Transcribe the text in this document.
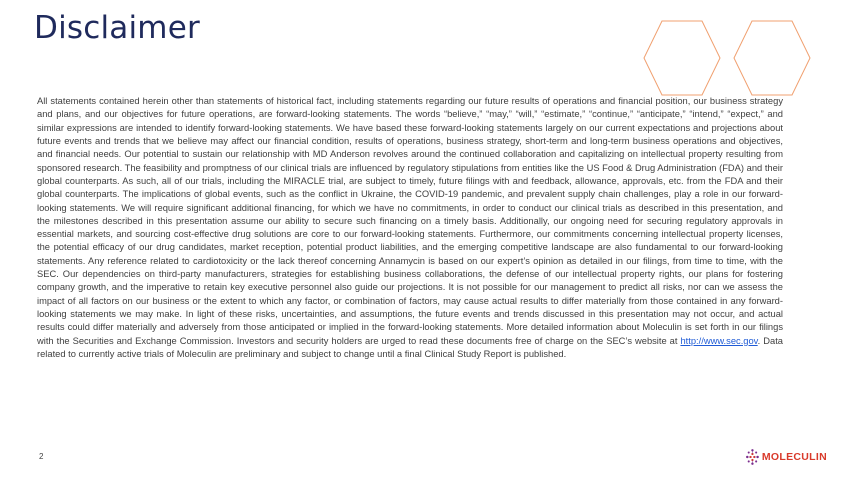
Disclaimer

All statements contained herein other than statements of historical fact, including statements regarding our future results of operations and financial position, our business strategy and plans, and our objectives for future operations, are forward-looking statements. The words “believe,” “may,” “will,” “estimate,” “continue,” “anticipate,” “intend,” “expect,” and similar expressions are intended to identify forward-looking statements. We have based these forward-looking statements largely on our current expectations and projections about future events and trends that we believe may affect our financial condition, results of operations, business strategy, short-term and long-term business operations and objectives, and financial needs. Our potential to sustain our relationship with MD Anderson revolves around the continued collaboration and capitalizing on intellectual property resulting from sponsored research. The feasibility and promptness of our clinical trials are influenced by regulatory stipulations from entities like the US Food & Drug Administration (FDA) and their global counterparts. As such, all of our trials, including the MIRACLE trial, are subject to timely, future filings with and feedback, allowance, approvals, etc. from the FDA and their global counterparts. The implications of global events, such as the conflict in Ukraine, the COVID-19 pandemic, and prevalent supply chain challenges, play a role in our forward-looking statements. We will require significant additional financing, for which we have no commitments, in order to conduct our clinical trials as described in this presentation, and the milestones described in this presentation assume our ability to secure such financing on a timely basis. Additionally, our ongoing need for securing regulatory approvals in essential markets, and sourcing cost-effective drug solutions are core to our forward-looking statements. Furthermore, our commitments concerning intellectual property licenses, the potential efficacy of our drug candidates, market reception, potential product liabilities, and the emerging competitive landscape are also fundamental to our forward-looking statements. Any reference related to cardiotoxicity or the lack thereof concerning Annamycin is based on our expert’s opinion as detailed in our filings, from time to time, with the SEC. Our dependencies on third-party manufacturers, strategies for establishing business collaborations, the defense of our intellectual property rights, our plans for fostering company growth, and the imperative to retain key executive personnel also guide our projections. It is not possible for our management to predict all risks, nor can we assess the impact of all factors on our business or the extent to which any factor, or combination of factors, may cause actual results to differ materially from those contained in any forward-looking statements we may make. In light of these risks, uncertainties, and assumptions, the future events and trends discussed in this presentation may not occur, and actual results could differ materially and adversely from those anticipated or implied in the forward-looking statements. More detailed information about Moleculin is set forth in our filings with the Securities and Exchange Commission. Investors and security holders are urged to read these documents free of charge on the SEC’s website at http://www.sec.gov. Data related to currently active trials of Moleculin are preliminary and subject to change until a final Clinical Study Report is published.

2	MOLECULIN
